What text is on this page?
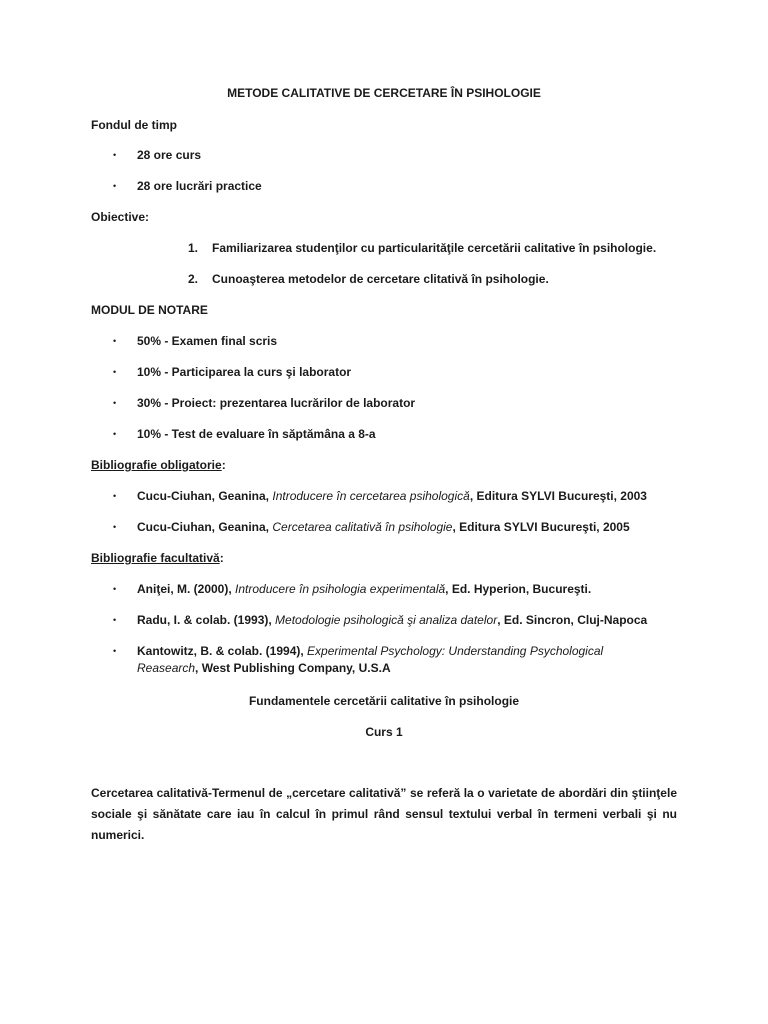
METODE CALITATIVE DE CERCETARE ÎN PSIHOLOGIE
Fondul de timp
• 28 ore curs
• 28 ore lucrări practice
Obiective:
1. Familiarizarea studenţilor cu particularităţile cercetării calitative în psihologie.
2. Cunoaşterea metodelor de cercetare clitativă în psihologie.
MODUL DE NOTARE
• 50% - Examen final scris
• 10% - Participarea la curs şi laborator
• 30% - Proiect: prezentarea lucrărilor de laborator
• 10% - Test de evaluare în săptămâna a 8-a
Bibliografie obligatorie:
• Cucu-Ciuhan, Geanina, Introducere în cercetarea psihologică, Editura SYLVI Bucureşti, 2003
• Cucu-Ciuhan, Geanina, Cercetarea calitativă în psihologie, Editura SYLVI Bucureşti, 2005
Bibliografie facultativă:
• Aniţei, M. (2000), Introducere în psihologia experimentală, Ed. Hyperion, Bucureşti.
• Radu, I. & colab. (1993), Metodologie psihologică şi analiza datelor, Ed. Sincron, Cluj-Napoca
• Kantowitz, B. & colab. (1994), Experimental Psychology: Understanding Psychological Reasearch, West Publishing Company, U.S.A
Fundamentele cercetării calitative în psihologie
Curs 1
Cercetarea calitativă-Termenul de „cercetare calitativă” se referă la o varietate de abordări din ştiinţele sociale şi sănătate care iau în calcul în primul rând sensul textului verbal în termeni verbali şi nu numerici.
